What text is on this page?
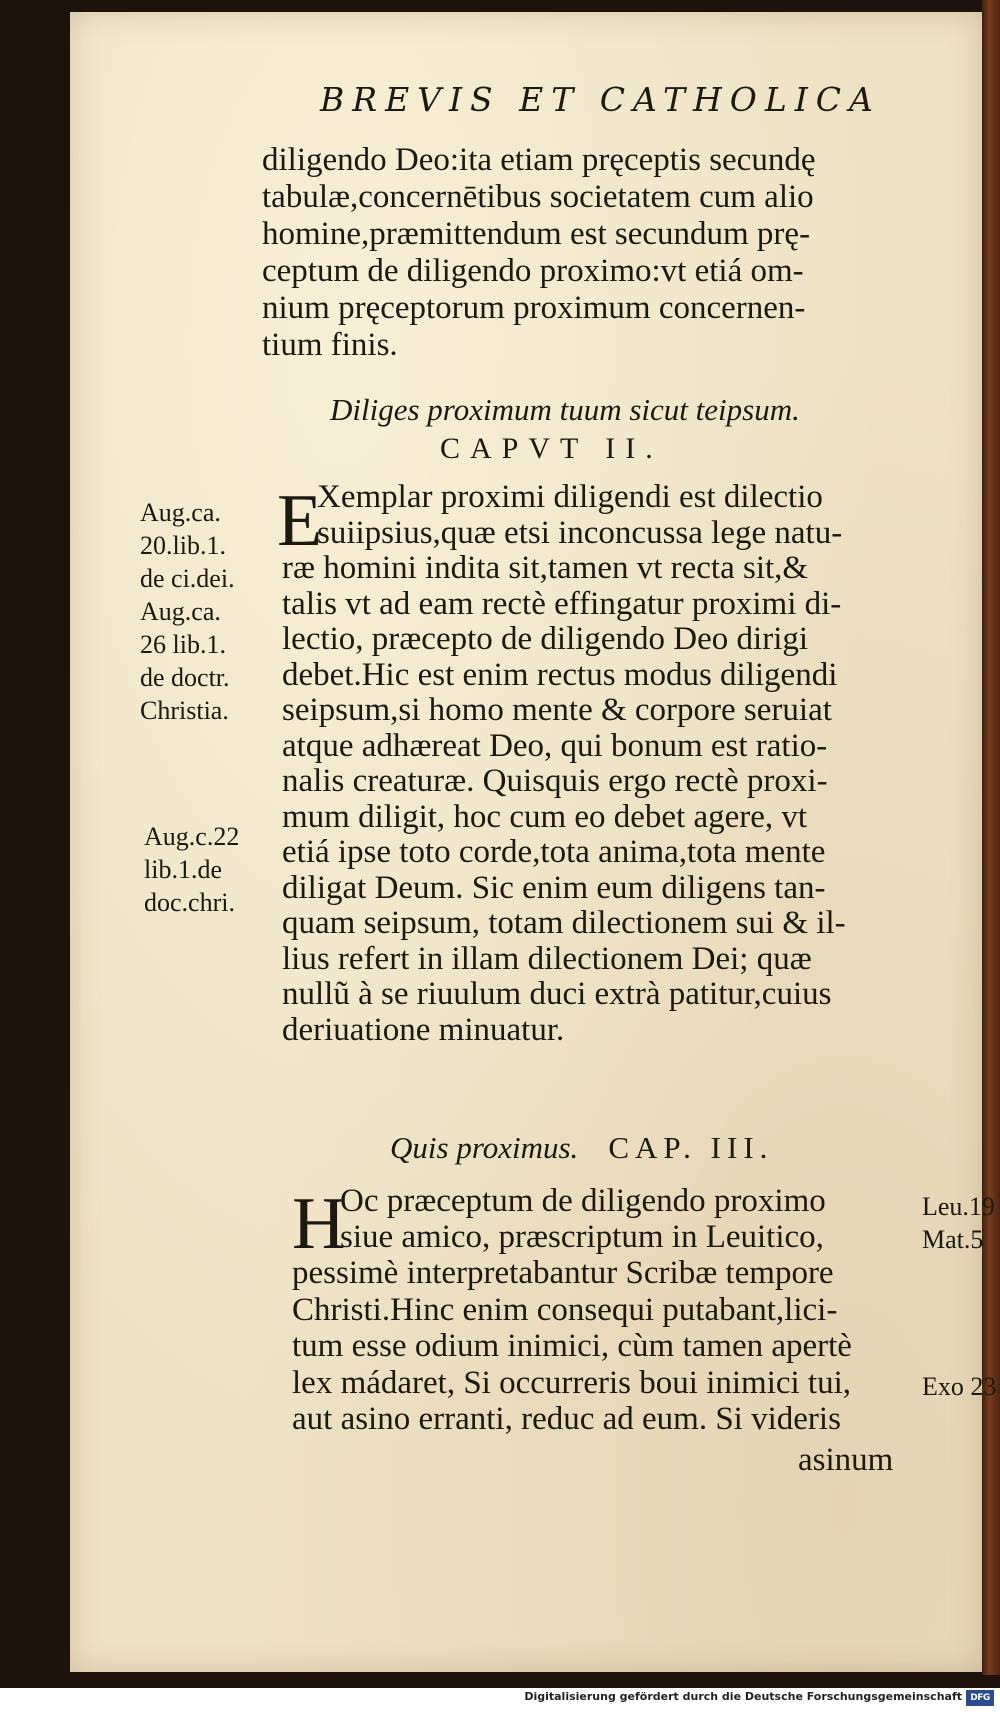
BREVIS ET CATHOLICA
diligendo Deo:ita etiam pręceptis secundę
tabulæ,concernētibus societatem cum alio
homine,præmittendum est secundum prę-
ceptum de diligendo proximo:vt etiá om-
nium pręceptorum proximum concernen-
tium finis.
Diliges proximum tuum sicut teipsum.
CAPVT II.
E
Xemplar proximi diligendi est dilectio
suiipsius,quæ etsi inconcussa lege natu-
ræ homini indita sit,tamen vt recta sit,&
talis vt ad eam rectè effingatur proximi di-
lectio, præcepto de diligendo Deo dirigi
debet.Hic est enim rectus modus diligendi
seipsum,si homo mente & corpore seruiat
atque adhæreat Deo, qui bonum est ratio-
nalis creaturæ. Quisquis ergo rectè proxi-
mum diligit, hoc cum eo debet agere, vt
etiá ipse toto corde,tota anima,tota mente
diligat Deum. Sic enim eum diligens tan-
quam seipsum, totam dilectionem sui & il-
lius refert in illam dilectionem Dei; quæ
nullũ à se riuulum duci extrà patitur,cuius
deriuatione minuatur.
Aug.ca.
20.lib.1.
de ci.dei.
Aug.ca.
26 lib.1.
de doctr.
Christia.
Aug.c.22
lib.1.de
doc.chri.
Quis proximus. CAP. III.
H
Oc præceptum de diligendo proximo
siue amico, præscriptum in Leuitico,
pessimè interpretabantur Scribæ tempore
Christi.Hinc enim consequi putabant,lici-
tum esse odium inimici, cùm tamen apertè
lex mádaret, Si occurreris boui inimici tui,
aut asino erranti, reduc ad eum. Si videris
asinum
Leu.19
Mat.5
Exo 23
Digitalisierung gefördert durch die Deutsche Forschungsgemeinschaft DFG
